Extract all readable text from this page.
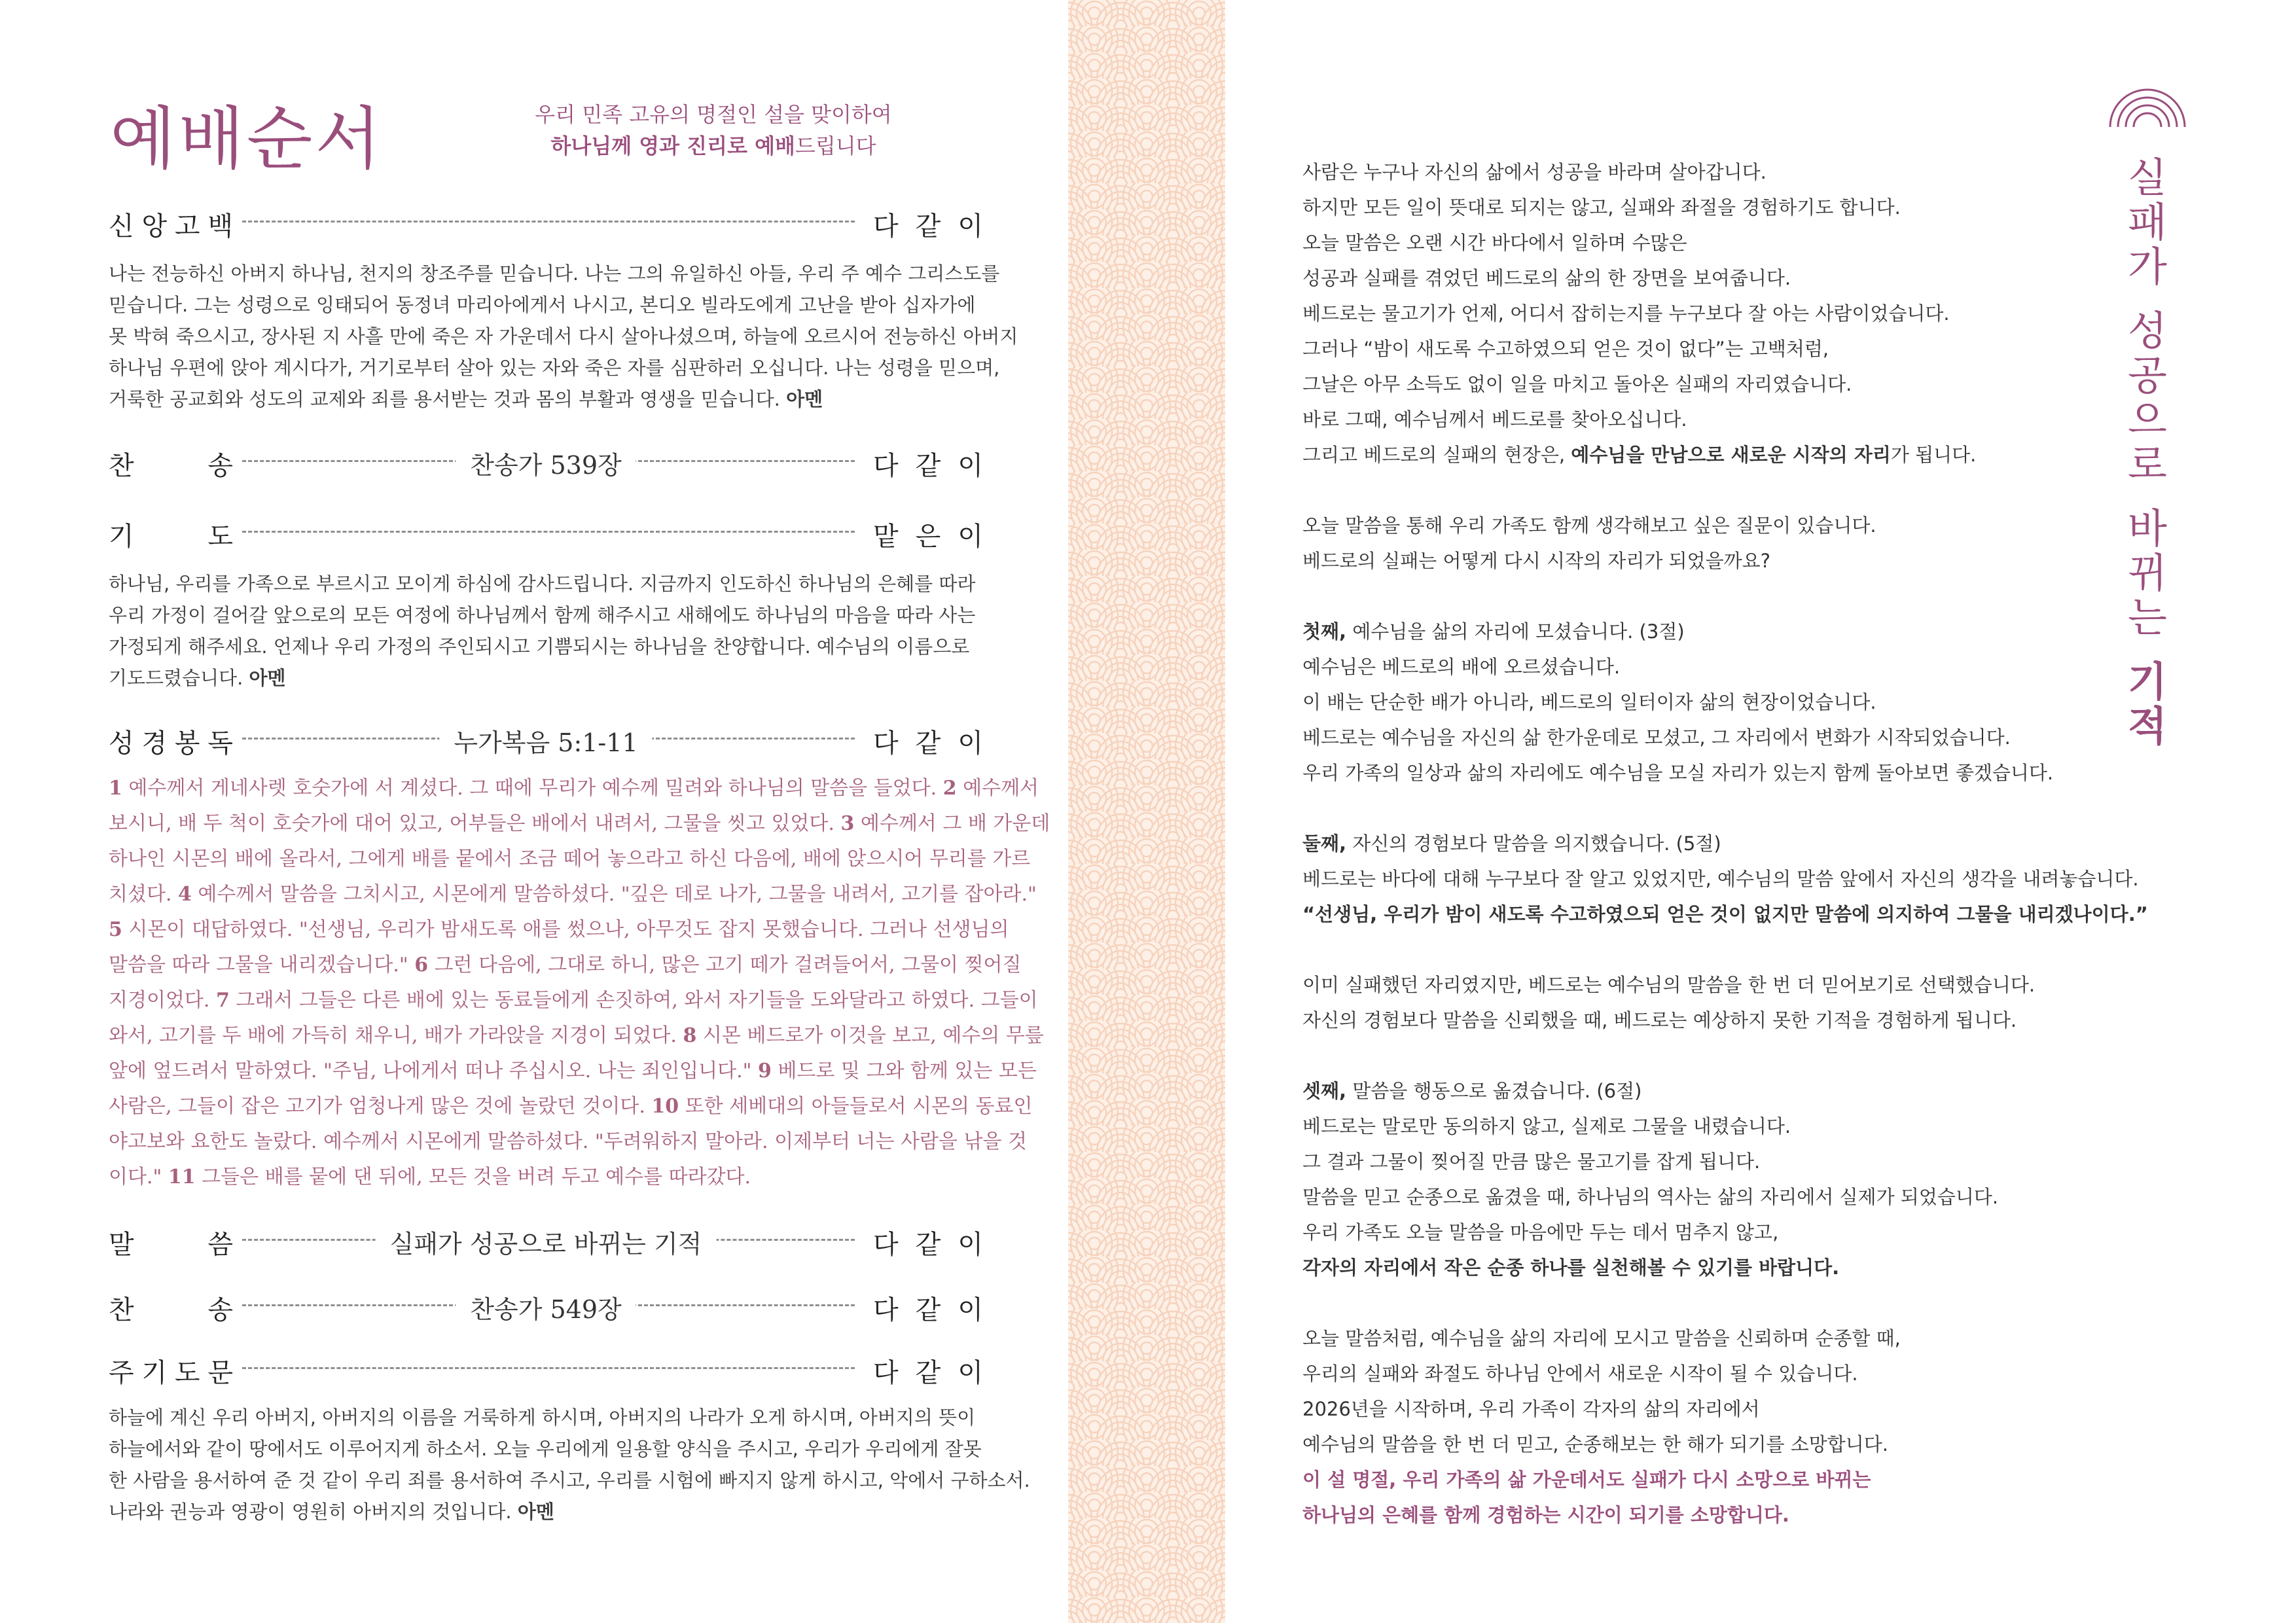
예배순서	우리 민족 고유의 명절인 설을 맞이하여
하나님께 영과 진리로 예배드립니다
신 앙 고 백	다 같 이

나는 전능하신 아버지 하나님, 천지의 창조주를 믿습니다. 나는 그의 유일하신 아들, 우리 주 예수 그리스도를

믿습니다. 그는 성령으로 잉태되어 동정녀 마리아에게서 나시고, 본디오 빌라도에게 고난을 받아 십자가에

못 박혀 죽으시고, 장사된 지 사흘 만에 죽은 자 가운데서 다시 살아나셨으며, 하늘에 오르시어 전능하신 아버지

하나님 우편에 앉아 계시다가, 거기로부터 살아 있는 자와 죽은 자를 심판하러 오십니다. 나는 성령을 믿으며,

거룩한 공교회와 성도의 교제와 죄를 용서받는 것과 몸의 부활과 영생을 믿습니다. 아멘

찬	송	찬송가 539장	다 같 이
기	도	맡 은 이

하나님, 우리를 가족으로 부르시고 모이게 하심에 감사드립니다. 지금까지 인도하신 하나님의 은혜를 따라

우리 가정이 걸어갈 앞으로의 모든 여정에 하나님께서 함께 해주시고 새해에도 하나님의 마음을 따라 사는

가정되게 해주세요. 언제나 우리 가정의 주인되시고 기쁨되시는 하나님을 찬양합니다. 예수님의 이름으로

기도드렸습니다. 아멘

성 경 봉 독	누가복음 5:1-11	다 같 이

1 예수께서 게네사렛 호숫가에 서 계셨다. 그 때에 무리가 예수께 밀려와 하나님의 말씀을 들었다. 2 예수께서

보시니, 배 두 척이 호숫가에 대어 있고, 어부들은 배에서 내려서, 그물을 씻고 있었다. 3 예수께서 그 배 가운데

하나인 시몬의 배에 올라서, 그에게 배를 뭍에서 조금 떼어 놓으라고 하신 다음에, 배에 앉으시어 무리를 가르

치셨다. 4 예수께서 말씀을 그치시고, 시몬에게 말씀하셨다. "깊은 데로 나가, 그물을 내려서, 고기를 잡아라."

5 시몬이 대답하였다. "선생님, 우리가 밤새도록 애를 썼으나, 아무것도 잡지 못했습니다. 그러나 선생님의

말씀을 따라 그물을 내리겠습니다." 6 그런 다음에, 그대로 하니, 많은 고기 떼가 걸려들어서, 그물이 찢어질

지경이었다. 7 그래서 그들은 다른 배에 있는 동료들에게 손짓하여, 와서 자기들을 도와달라고 하였다. 그들이

와서, 고기를 두 배에 가득히 채우니, 배가 가라앉을 지경이 되었다. 8 시몬 베드로가 이것을 보고, 예수의 무릎

앞에 엎드려서 말하였다. "주님, 나에게서 떠나 주십시오. 나는 죄인입니다." 9 베드로 및 그와 함께 있는 모든

사람은, 그들이 잡은 고기가 엄청나게 많은 것에 놀랐던 것이다. 10 또한 세베대의 아들들로서 시몬의 동료인

야고보와 요한도 놀랐다. 예수께서 시몬에게 말씀하셨다. "두려워하지 말아라. 이제부터 너는 사람을 낚을 것

이다." 11 그들은 배를 뭍에 댄 뒤에, 모든 것을 버려 두고 예수를 따라갔다.

말	씀	실패가 성공으로 바뀌는 기적	다 같 이
찬	송	찬송가 549장	다 같 이
주 기 도 문	다 같 이

하늘에 계신 우리 아버지, 아버지의 이름을 거룩하게 하시며, 아버지의 나라가 오게 하시며, 아버지의 뜻이

하늘에서와 같이 땅에서도 이루어지게 하소서. 오늘 우리에게 일용할 양식을 주시고, 우리가 우리에게 잘못

한 사람을 용서하여 준 것 같이 우리 죄를 용서하여 주시고, 우리를 시험에 빠지지 않게 하시고, 악에서 구하소서.

나라와 권능과 영광이 영원히 아버지의 것입니다. 아멘

실
패
가
성
공
으
로
바
뀌
는
기
적

사람은 누구나 자신의 삶에서 성공을 바라며 살아갑니다.

하지만 모든 일이 뜻대로 되지는 않고, 실패와 좌절을 경험하기도 합니다.

오늘 말씀은 오랜 시간 바다에서 일하며 수많은

성공과 실패를 겪었던 베드로의 삶의 한 장면을 보여줍니다.

베드로는 물고기가 언제, 어디서 잡히는지를 누구보다 잘 아는 사람이었습니다.

그러나 “밤이 새도록 수고하였으되 얻은 것이 없다”는 고백처럼,

그날은 아무 소득도 없이 일을 마치고 돌아온 실패의 자리였습니다.

바로 그때, 예수님께서 베드로를 찾아오십니다.

그리고 베드로의 실패의 현장은, 예수님을 만남으로 새로운 시작의 자리가 됩니다.

오늘 말씀을 통해 우리 가족도 함께 생각해보고 싶은 질문이 있습니다.

베드로의 실패는 어떻게 다시 시작의 자리가 되었을까요?

첫째, 예수님을 삶의 자리에 모셨습니다. (3절)

예수님은 베드로의 배에 오르셨습니다.

이 배는 단순한 배가 아니라, 베드로의 일터이자 삶의 현장이었습니다.

베드로는 예수님을 자신의 삶 한가운데로 모셨고, 그 자리에서 변화가 시작되었습니다.

우리 가족의 일상과 삶의 자리에도 예수님을 모실 자리가 있는지 함께 돌아보면 좋겠습니다.

둘째, 자신의 경험보다 말씀을 의지했습니다. (5절)

베드로는 바다에 대해 누구보다 잘 알고 있었지만, 예수님의 말씀 앞에서 자신의 생각을 내려놓습니다.

“선생님, 우리가 밤이 새도록 수고하였으되 얻은 것이 없지만 말씀에 의지하여 그물을 내리겠나이다.”

이미 실패했던 자리였지만, 베드로는 예수님의 말씀을 한 번 더 믿어보기로 선택했습니다.

자신의 경험보다 말씀을 신뢰했을 때, 베드로는 예상하지 못한 기적을 경험하게 됩니다.

셋째, 말씀을 행동으로 옮겼습니다. (6절)

베드로는 말로만 동의하지 않고, 실제로 그물을 내렸습니다.

그 결과 그물이 찢어질 만큼 많은 물고기를 잡게 됩니다.

말씀을 믿고 순종으로 옮겼을 때, 하나님의 역사는 삶의 자리에서 실제가 되었습니다.

우리 가족도 오늘 말씀을 마음에만 두는 데서 멈추지 않고,

각자의 자리에서 작은 순종 하나를 실천해볼 수 있기를 바랍니다.

오늘 말씀처럼, 예수님을 삶의 자리에 모시고 말씀을 신뢰하며 순종할 때,

우리의 실패와 좌절도 하나님 안에서 새로운 시작이 될 수 있습니다.

2026년을 시작하며, 우리 가족이 각자의 삶의 자리에서

예수님의 말씀을 한 번 더 믿고, 순종해보는 한 해가 되기를 소망합니다.

이 설 명절, 우리 가족의 삶 가운데서도 실패가 다시 소망으로 바뀌는

하나님의 은혜를 함께 경험하는 시간이 되기를 소망합니다.
